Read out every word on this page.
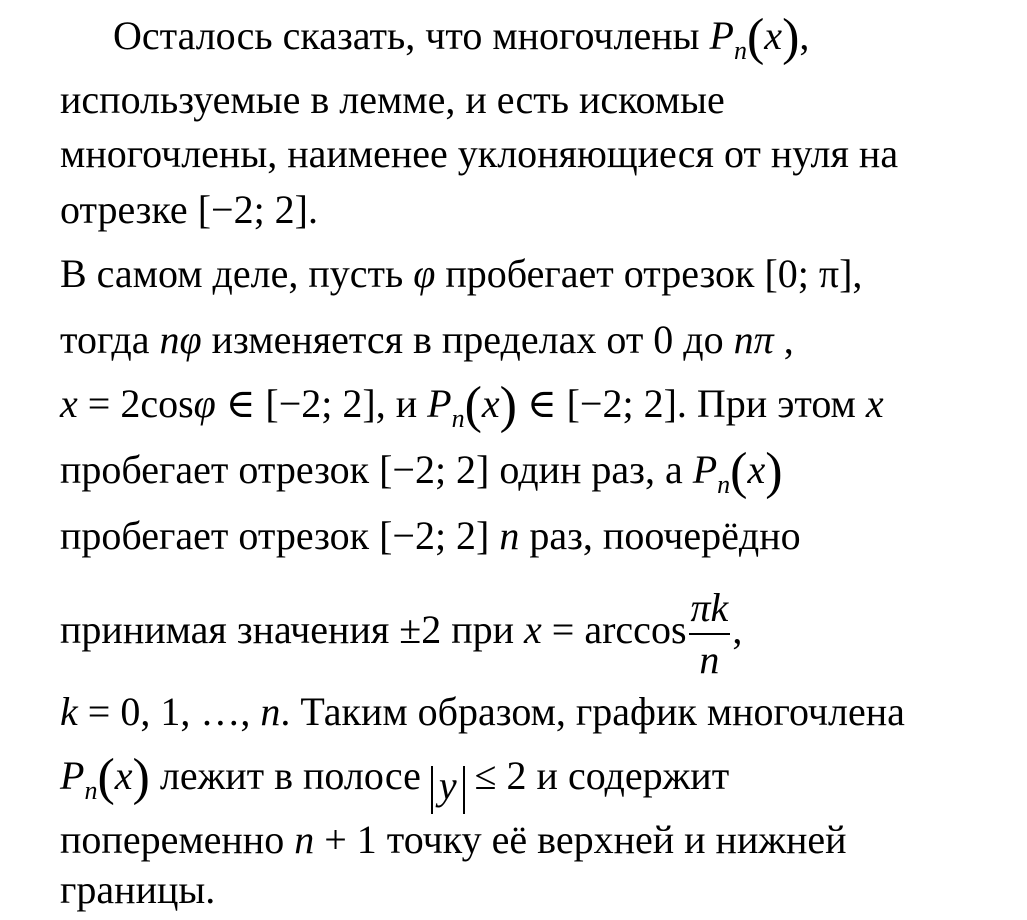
Осталось сказать, что многочлены $P_n(x)$,
используемые в лемме, и есть искомые
многочлены, наименее уклоняющиеся от нуля на
отрезке [−2; 2].
В самом деле, пусть φ пробегает отрезок [0; π],
тогда nφ изменяется в пределах от 0 до nπ ,
x = 2cosφ ∈ [−2; 2], и $P_n(x)$ ∈ [−2; 2]. При этом x
пробегает отрезок [−2; 2] один раз, а $P_n(x)$
пробегает отрезок [−2; 2] n раз, поочерёдно
принимая значения ±2 при $x = \arccos \frac{\pi k}{n}$ ,
k = 0, 1, …, n. Таким образом, график многочлена
$P_n(x)$ лежит в полосе y ≤ 2 и содержит
попеременно n + 1 точку её верхней и нижней
границы.
